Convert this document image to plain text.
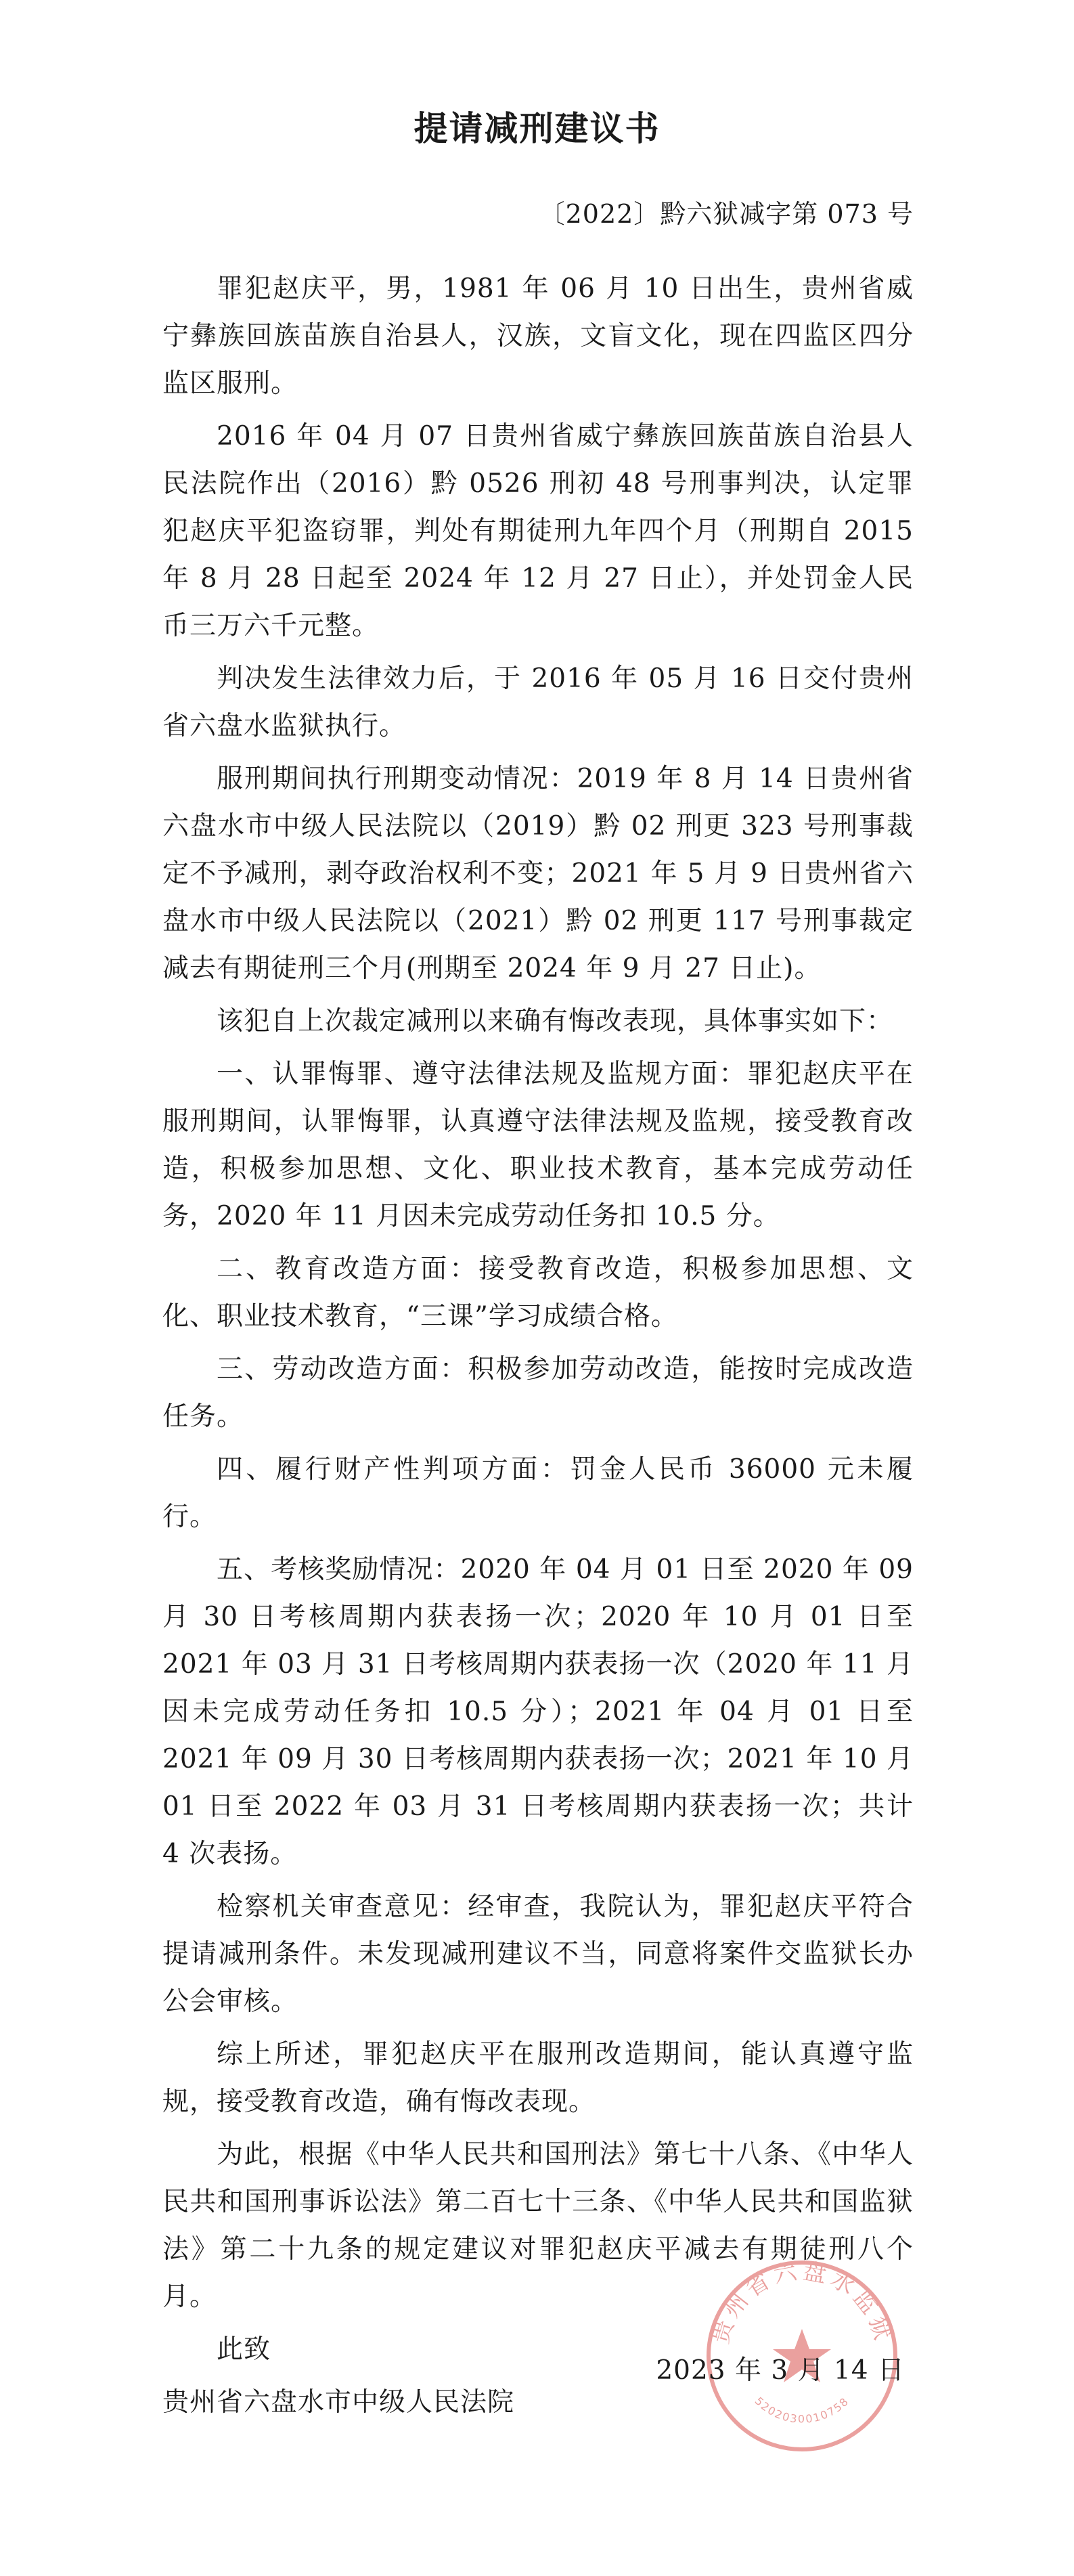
提请减刑建议书
〔2022〕黔六狱减字第 073 号

罪犯赵庆平，男，1981 年 06 月 10 日出生，贵州省威宁彝族回族苗族自治县人，汉族，文盲文化，现在四监区四分监区服刑。

2016 年 04 月 07 日贵州省威宁彝族回族苗族自治县人民法院作出（2016）黔 0526 刑初 48 号刑事判决，认定罪犯赵庆平犯盗窃罪，判处有期徒刑九年四个月（刑期自 2015 年 8 月 28 日起至 2024 年 12 月 27 日止），并处罚金人民币三万六千元整。

判决发生法律效力后，于 2016 年 05 月 16 日交付贵州省六盘水监狱执行。

服刑期间执行刑期变动情况：2019 年 8 月 14 日贵州省六盘水市中级人民法院以（2019）黔 02 刑更 323 号刑事裁定不予减刑，剥夺政治权利不变；2021 年 5 月 9 日贵州省六盘水市中级人民法院以（2021）黔 02 刑更 117 号刑事裁定减去有期徒刑三个月(刑期至 2024 年 9 月 27 日止)。

该犯自上次裁定减刑以来确有悔改表现，具体事实如下：

一、认罪悔罪、遵守法律法规及监规方面：罪犯赵庆平在服刑期间，认罪悔罪，认真遵守法律法规及监规，接受教育改造，积极参加思想、文化、职业技术教育，基本完成劳动任务，2020 年 11 月因未完成劳动任务扣 10.5 分。

二、教育改造方面：接受教育改造，积极参加思想、文化、职业技术教育，“三课”学习成绩合格。

三、劳动改造方面：积极参加劳动改造，能按时完成改造任务。

四、履行财产性判项方面：罚金人民币 36000 元未履行。

五、考核奖励情况：2020 年 04 月 01 日至 2020 年 09 月 30 日考核周期内获表扬一次；2020 年 10 月 01 日至 2021 年 03 月 31 日考核周期内获表扬一次（2020 年 11 月因未完成劳动任务扣 10.5 分）；2021 年 04 月 01 日至 2021 年 09 月 30 日考核周期内获表扬一次；2021 年 10 月 01 日至 2022 年 03 月 31 日考核周期内获表扬一次；共计 4 次表扬。

检察机关审查意见：经审查，我院认为，罪犯赵庆平符合提请减刑条件。未发现减刑建议不当，同意将案件交监狱长办公会审核。

综上所述，罪犯赵庆平在服刑改造期间，能认真遵守监规，接受教育改造，确有悔改表现。

为此，根据《中华人民共和国刑法》第七十八条、《中华人民共和国刑事诉讼法》第二百七十三条、《中华人民共和国监狱法》第二十九条的规定建议对罪犯赵庆平减去有期徒刑八个月。

此致

贵州省六盘水市中级人民法院

贵州省六盘水监狱
5202030010758
2023 年 3 月 14 日
